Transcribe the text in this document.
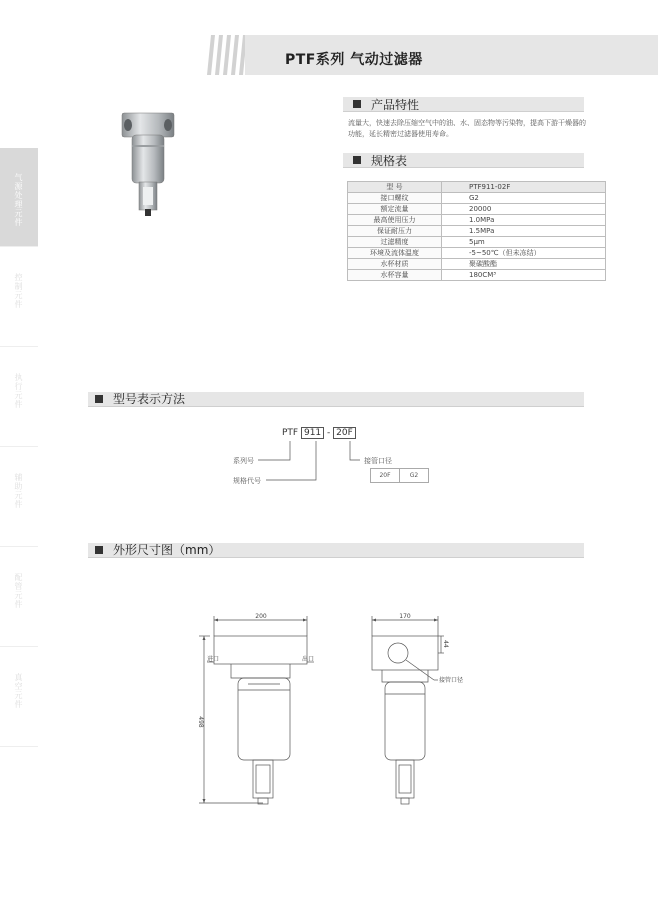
PTF系列 气动过滤器
气源处理元件
控制元件
执行元件
辅助元件
配管元件
真空元件
产品特性
流量大，快速去除压缩空气中的油、水、固态物等污染物，提高下游干燥器的功能，延长精密过滤器使用寿命。
规格表
型 号	PTF911-02F
接口螺纹	G2
额定流量	20000
最高使用压力	1.0MPa
保证耐压力	1.5MPa
过滤精度	5μm
环境及流体温度	-5~50℃（但未冻结）
水杯材质	聚碳酸酯
水杯容量	180CM³
型号表示方法
PTF 911 - 20F
系列号
规格代号
接管口径
20F	G2
外形尺寸图（mm）
200
498
进口	出口
170
44
接管口径
